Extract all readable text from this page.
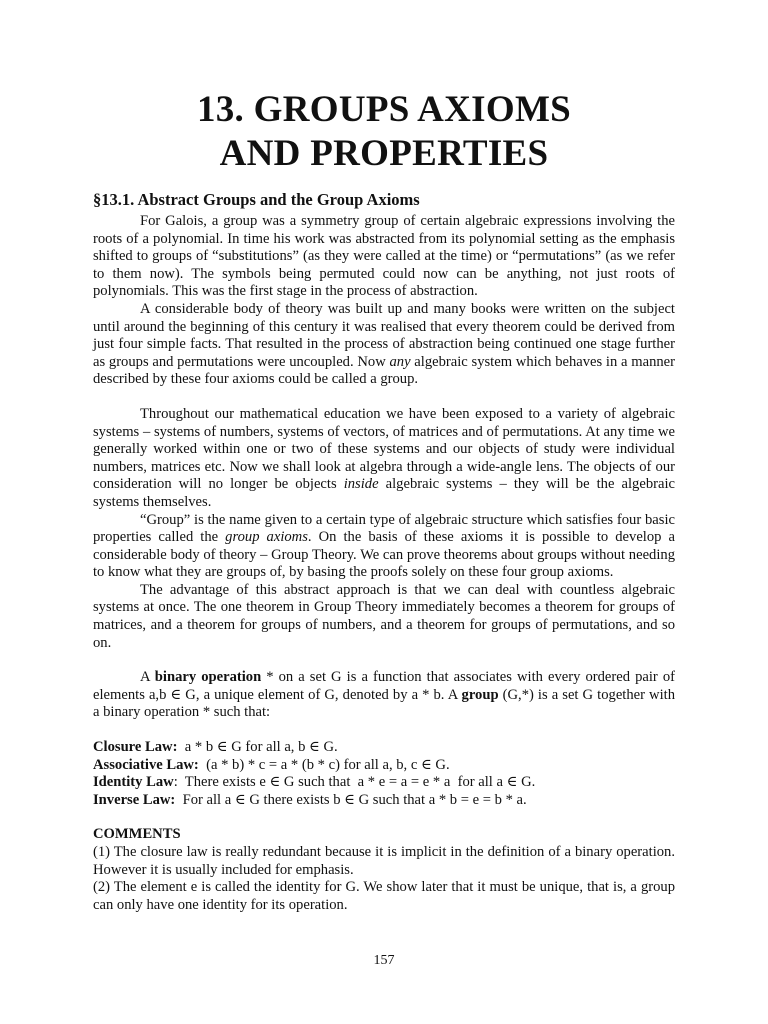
13. GROUPS AXIOMS
AND PROPERTIES
§13.1. Abstract Groups and the Group Axioms

For Galois, a group was a symmetry group of certain algebraic expressions involving the roots of a polynomial. In time his work was abstracted from its polynomial setting as the emphasis shifted to groups of “substitutions” (as they were called at the time) or “permutations” (as we refer to them now). The symbols being permuted could now can be anything, not just roots of polynomials. This was the first stage in the process of abstraction.

A considerable body of theory was built up and many books were written on the subject until around the beginning of this century it was realised that every theorem could be derived from just four simple facts. That resulted in the process of abstraction being continued one stage further as groups and permutations were uncoupled. Now any algebraic system which behaves in a manner described by these four axioms could be called a group.

Throughout our mathematical education we have been exposed to a variety of algebraic systems – systems of numbers, systems of vectors, of matrices and of permutations. At any time we generally worked within one or two of these systems and our objects of study were individual numbers, matrices etc. Now we shall look at algebra through a wide-angle lens. The objects of our consideration will no longer be objects inside algebraic systems – they will be the algebraic systems themselves.

“Group” is the name given to a certain type of algebraic structure which satisfies four basic properties called the group axioms. On the basis of these axioms it is possible to develop a considerable body of theory – Group Theory. We can prove theorems about groups without needing to know what they are groups of, by basing the proofs solely on these four group axioms.

The advantage of this abstract approach is that we can deal with countless algebraic systems at once. The one theorem in Group Theory immediately becomes a theorem for groups of matrices, and a theorem for groups of numbers, and a theorem for groups of permutations, and so on.

A binary operation * on a set G is a function that associates with every ordered pair of elements a,b ∈ G, a unique element of G, denoted by a * b. A group (G,*) is a set G together with a binary operation * such that:

Closure Law:  a * b ∈ G for all a, b ∈ G.
Associative Law:  (a * b) * c = a * (b * c) for all a, b, c ∈ G.
Identity Law:  There exists e ∈ G such that  a * e = a = e * a  for all a ∈ G.
Inverse Law:  For all a ∈ G there exists b ∈ G such that a * b = e = b * a.
COMMENTS

(1) The closure law is really redundant because it is implicit in the definition of a binary operation. However it is usually included for emphasis.

(2) The element e is called the identity for G. We show later that it must be unique, that is, a group can only have one identity for its operation.

157
